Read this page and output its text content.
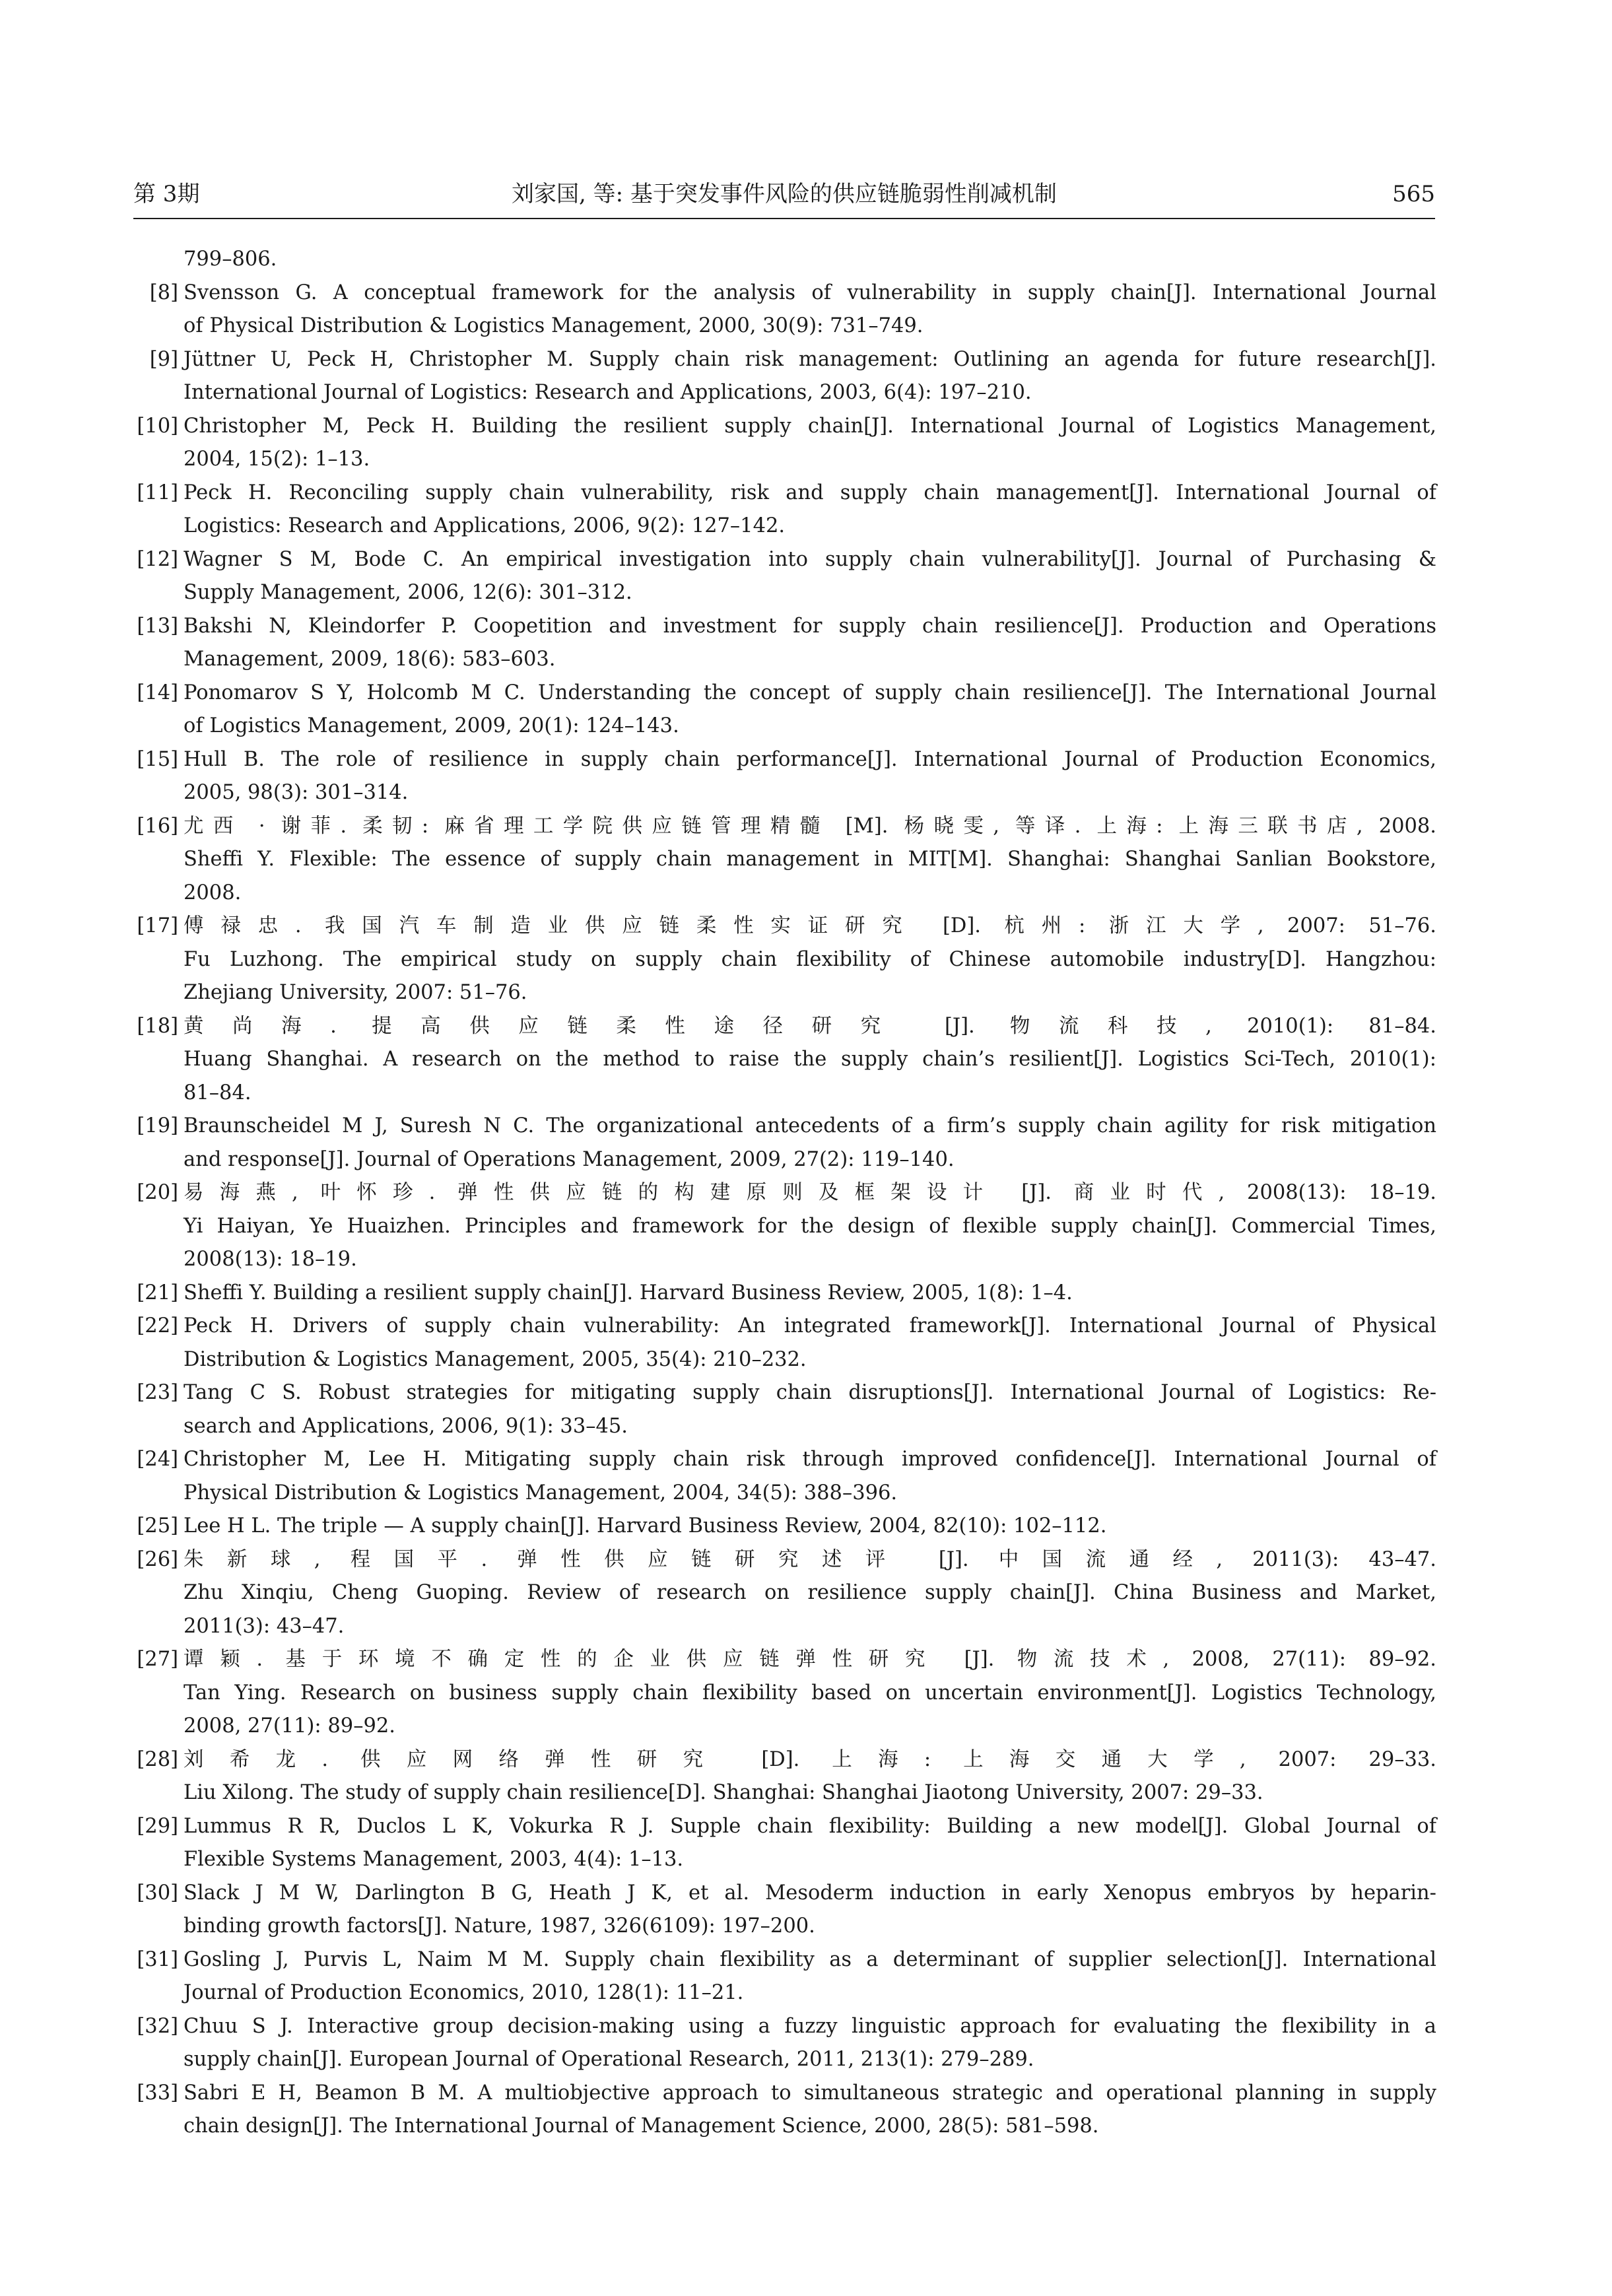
第 3期	刘家国, 等: 基于突发事件风险的供应链脆弱性削减机制	565
799–806.
[8] Svensson G. A conceptual framework for the analysis of vulnerability in supply chain[J]. International Journal
of Physical Distribution & Logistics Management, 2000, 30(9): 731–749.
[9] Jüttner U, Peck H, Christopher M. Supply chain risk management: Outlining an agenda for future research[J].
International Journal of Logistics: Research and Applications, 2003, 6(4): 197–210.
[10] Christopher M, Peck H. Building the resilient supply chain[J]. International Journal of Logistics Management,
2004, 15(2): 1–13.
[11] Peck H. Reconciling supply chain vulnerability, risk and supply chain management[J]. International Journal of
Logistics: Research and Applications, 2006, 9(2): 127–142.
[12] Wagner S M, Bode C. An empirical investigation into supply chain vulnerability[J]. Journal of Purchasing &
Supply Management, 2006, 12(6): 301–312.
[13] Bakshi N, Kleindorfer P. Coopetition and investment for supply chain resilience[J]. Production and Operations
Management, 2009, 18(6): 583–603.
[14] Ponomarov S Y, Holcomb M C. Understanding the concept of supply chain resilience[J]. The International Journal
of Logistics Management, 2009, 20(1): 124–143.
[15] Hull B. The role of resilience in supply chain performance[J]. International Journal of Production Economics,
2005, 98(3): 301–314.
[16] 尤西 · 谢菲. 柔韧: 麻省理工学院供应链管理精髓 [M]. 杨晓雯, 等译. 上海: 上海三联书店, 2008.
Sheffi Y. Flexible: The essence of supply chain management in MIT[M]. Shanghai: Shanghai Sanlian Bookstore,
2008.
[17] 傅禄忠. 我国汽车制造业供应链柔性实证研究 [D]. 杭州: 浙江大学, 2007: 51–76.
Fu Luzhong. The empirical study on supply chain flexibility of Chinese automobile industry[D]. Hangzhou:
Zhejiang University, 2007: 51–76.
[18] 黄尚海. 提高供应链柔性途径研究 [J]. 物流科技, 2010(1): 81–84.
Huang Shanghai. A research on the method to raise the supply chain’s resilient[J]. Logistics Sci-Tech, 2010(1):
81–84.
[19] Braunscheidel M J, Suresh N C. The organizational antecedents of a firm’s supply chain agility for risk mitigation
and response[J]. Journal of Operations Management, 2009, 27(2): 119–140.
[20] 易海燕, 叶怀珍. 弹性供应链的构建原则及框架设计 [J]. 商业时代, 2008(13): 18–19.
Yi Haiyan, Ye Huaizhen. Principles and framework for the design of flexible supply chain[J]. Commercial Times,
2008(13): 18–19.
[21] Sheffi Y. Building a resilient supply chain[J]. Harvard Business Review, 2005, 1(8): 1–4.
[22] Peck H. Drivers of supply chain vulnerability: An integrated framework[J]. International Journal of Physical
Distribution & Logistics Management, 2005, 35(4): 210–232.
[23] Tang C S. Robust strategies for mitigating supply chain disruptions[J]. International Journal of Logistics: Re-
search and Applications, 2006, 9(1): 33–45.
[24] Christopher M, Lee H. Mitigating supply chain risk through improved confidence[J]. International Journal of
Physical Distribution & Logistics Management, 2004, 34(5): 388–396.
[25] Lee H L. The triple — A supply chain[J]. Harvard Business Review, 2004, 82(10): 102–112.
[26] 朱新球, 程国平. 弹性供应链研究述评 [J]. 中国流通经, 2011(3): 43–47.
Zhu Xinqiu, Cheng Guoping. Review of research on resilience supply chain[J]. China Business and Market,
2011(3): 43–47.
[27] 谭颖. 基于环境不确定性的企业供应链弹性研究 [J]. 物流技术, 2008, 27(11): 89–92.
Tan Ying. Research on business supply chain flexibility based on uncertain environment[J]. Logistics Technology,
2008, 27(11): 89–92.
[28] 刘希龙. 供应网络弹性研究 [D]. 上海: 上海交通大学, 2007: 29–33.
Liu Xilong. The study of supply chain resilience[D]. Shanghai: Shanghai Jiaotong University, 2007: 29–33.
[29] Lummus R R, Duclos L K, Vokurka R J. Supple chain flexibility: Building a new model[J]. Global Journal of
Flexible Systems Management, 2003, 4(4): 1–13.
[30] Slack J M W, Darlington B G, Heath J K, et al. Mesoderm induction in early Xenopus embryos by heparin-
binding growth factors[J]. Nature, 1987, 326(6109): 197–200.
[31] Gosling J, Purvis L, Naim M M. Supply chain flexibility as a determinant of supplier selection[J]. International
Journal of Production Economics, 2010, 128(1): 11–21.
[32] Chuu S J. Interactive group decision-making using a fuzzy linguistic approach for evaluating the flexibility in a
supply chain[J]. European Journal of Operational Research, 2011, 213(1): 279–289.
[33] Sabri E H, Beamon B M. A multiobjective approach to simultaneous strategic and operational planning in supply
chain design[J]. The International Journal of Management Science, 2000, 28(5): 581–598.
